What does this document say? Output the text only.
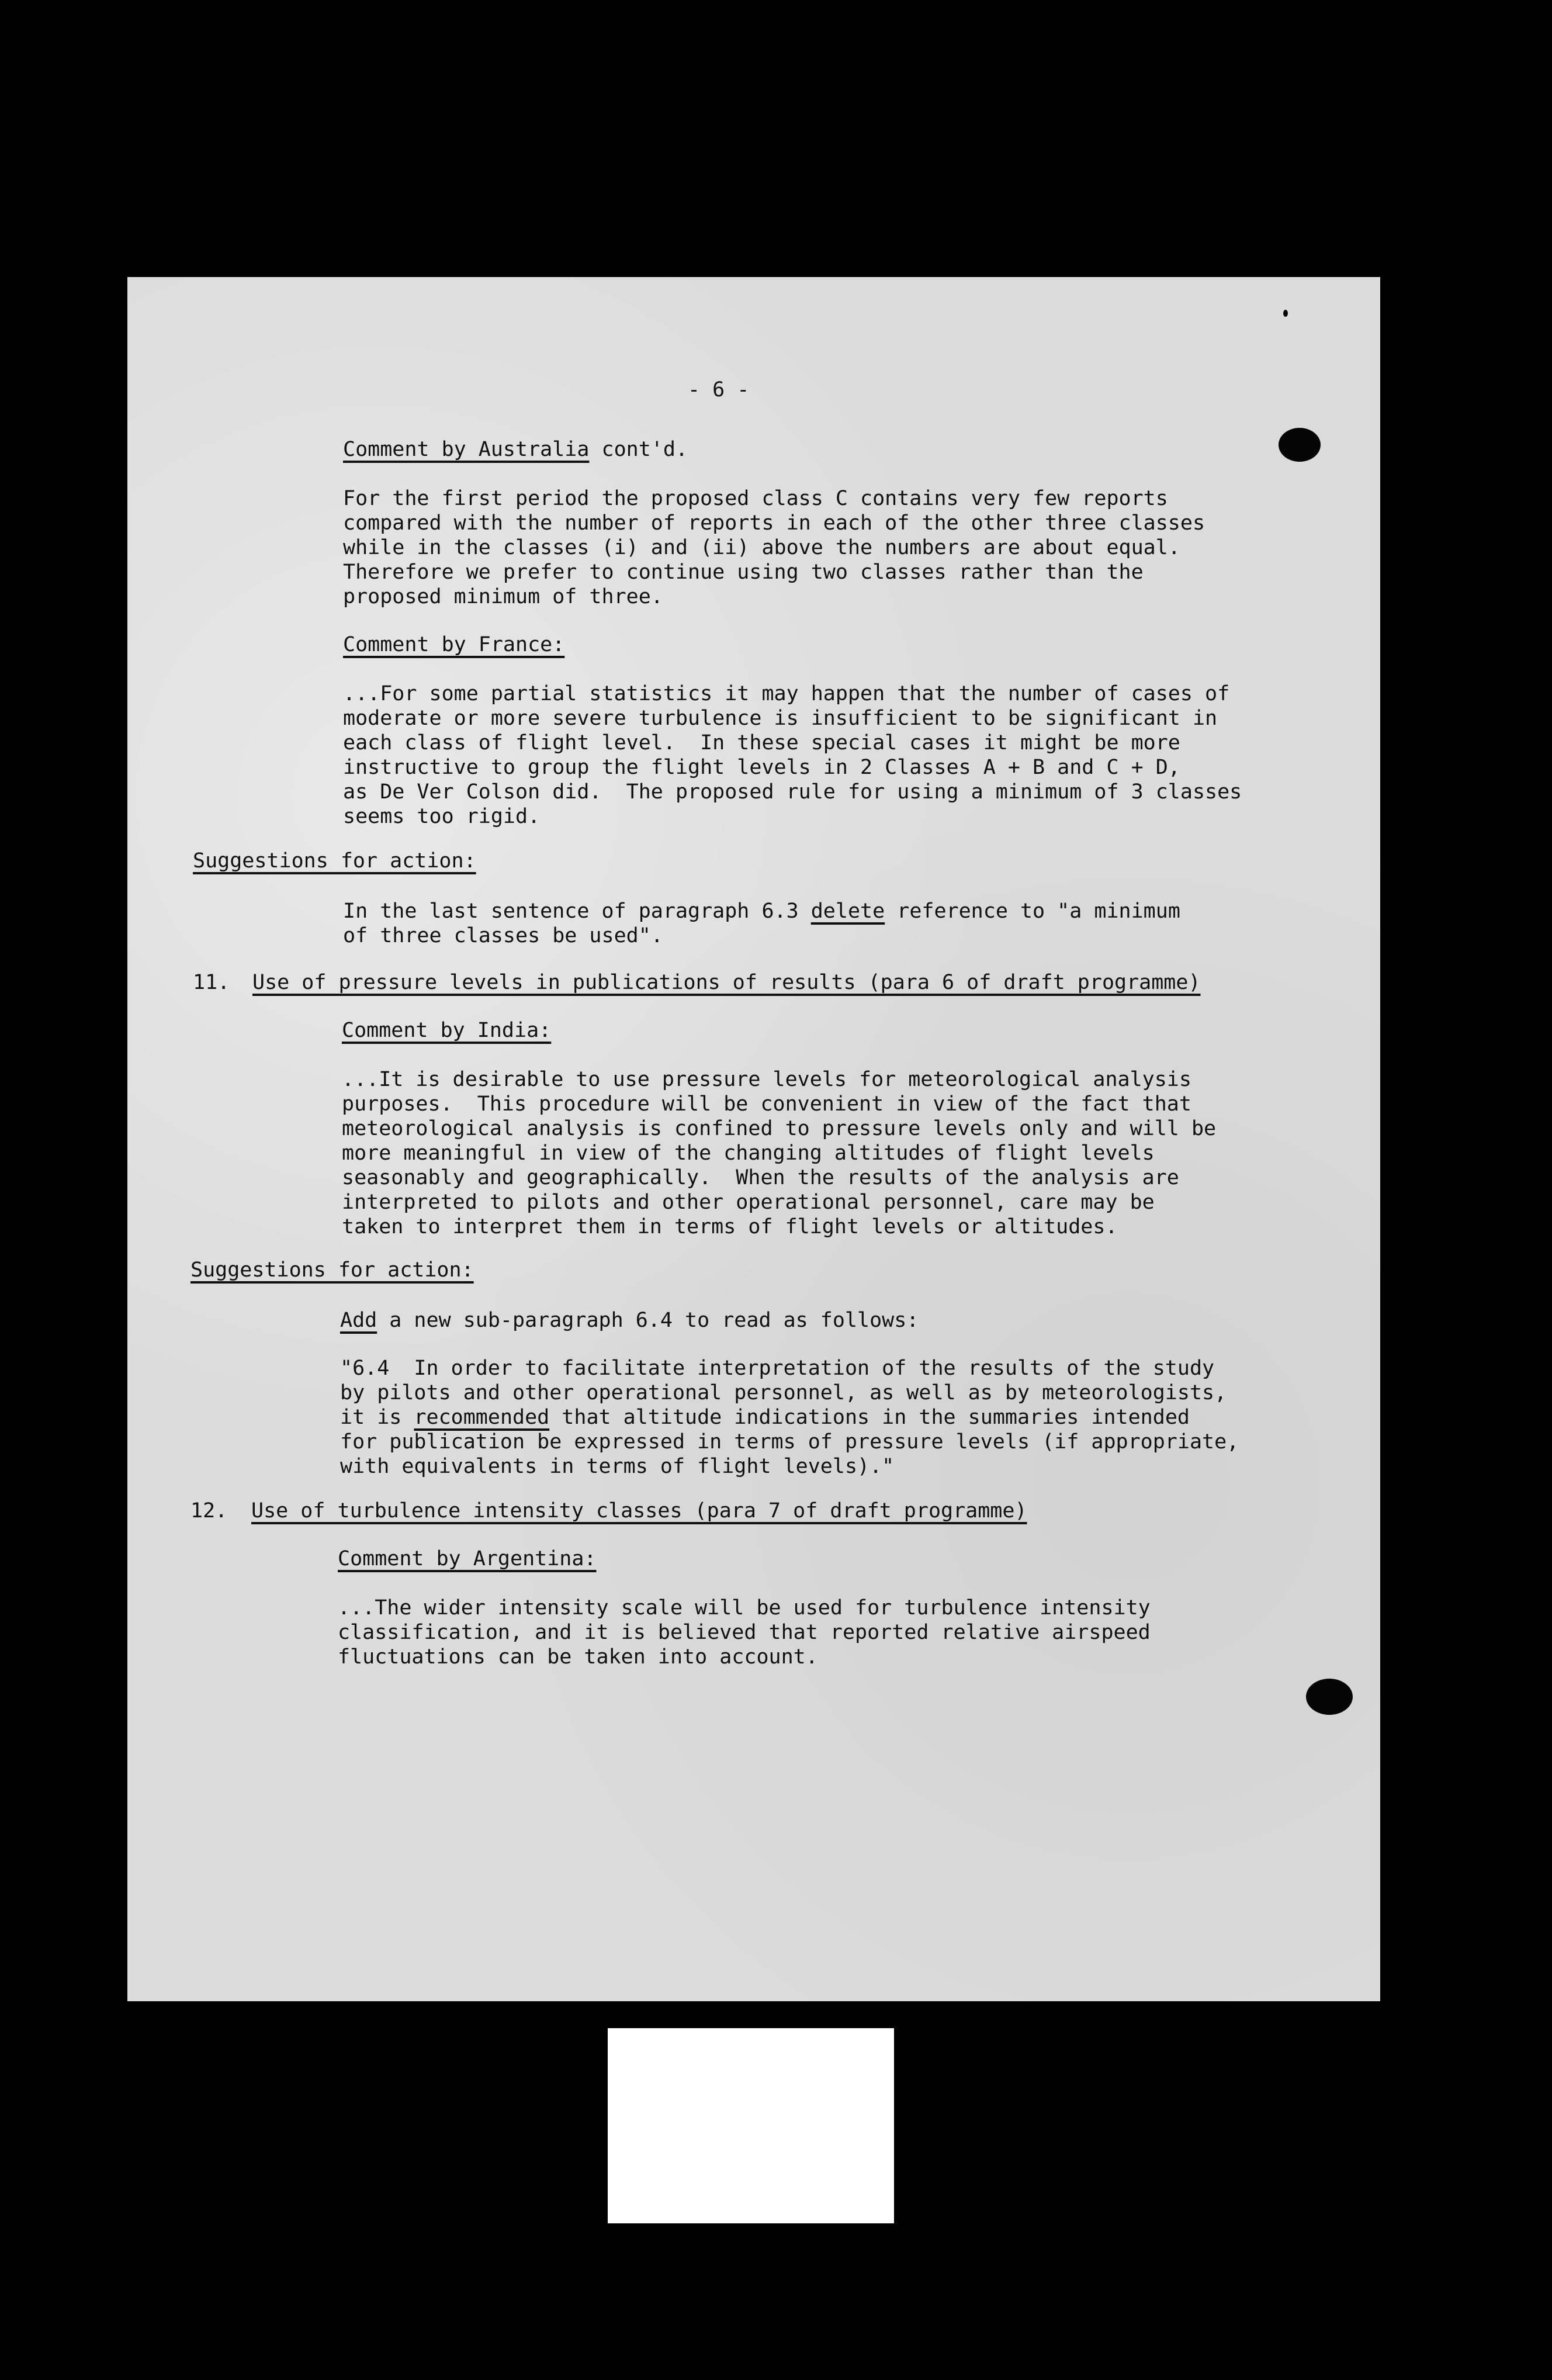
- 6 -
Comment by Australia cont'd.
For the first period the proposed class C contains very few reports
compared with the number of reports in each of the other three classes
while in the classes (i) and (ii) above the numbers are about equal.
Therefore we prefer to continue using two classes rather than the
proposed minimum of three.
Comment by France:
...For some partial statistics it may happen that the number of cases of
moderate or more severe turbulence is insufficient to be significant in
each class of flight level.  In these special cases it might be more
instructive to group the flight levels in 2 Classes A + B and C + D,
as De Ver Colson did.  The proposed rule for using a minimum of 3 classes
seems too rigid.
Suggestions for action:
In the last sentence of paragraph 6.3 delete reference to "a minimum
of three classes be used".
11. Use of pressure levels in publications of results (para 6 of draft programme)
Comment by India:
...It is desirable to use pressure levels for meteorological analysis
purposes.  This procedure will be convenient in view of the fact that
meteorological analysis is confined to pressure levels only and will be
more meaningful in view of the changing altitudes of flight levels
seasonably and geographically.  When the results of the analysis are
interpreted to pilots and other operational personnel, care may be
taken to interpret them in terms of flight levels or altitudes.
Suggestions for action:
Add a new sub-paragraph 6.4 to read as follows:
"6.4  In order to facilitate interpretation of the results of the study
by pilots and other operational personnel, as well as by meteorologists,
it is recommended that altitude indications in the summaries intended
for publication be expressed in terms of pressure levels (if appropriate,
with equivalents in terms of flight levels)."
12. Use of turbulence intensity classes (para 7 of draft programme)
Comment by Argentina:
...The wider intensity scale will be used for turbulence intensity
classification, and it is believed that reported relative airspeed
fluctuations can be taken into account.
